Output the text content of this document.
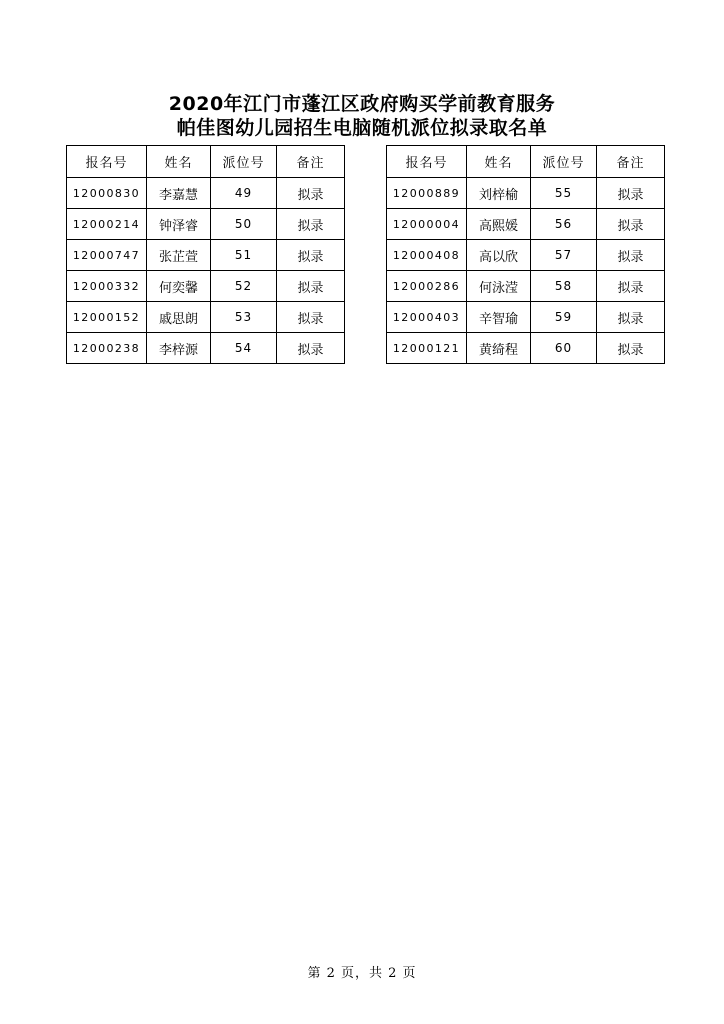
2020年江门市蓬江区政府购买学前教育服务
帕佳图幼儿园招生电脑随机派位拟录取名单
报名号	姓名	派位号	备注
12000830	李嘉慧	49	拟录
12000214	钟泽睿	50	拟录
12000747	张芷萱	51	拟录
12000332	何奕馨	52	拟录
12000152	戚思朗	53	拟录
12000238	李梓源	54	拟录
报名号	姓名	派位号	备注
12000889	刘梓榆	55	拟录
12000004	高熙媛	56	拟录
12000408	高以欣	57	拟录
12000286	何泳滢	58	拟录
12000403	辛智瑜	59	拟录
12000121	黄绮程	60	拟录
第 2 页，共 2 页
